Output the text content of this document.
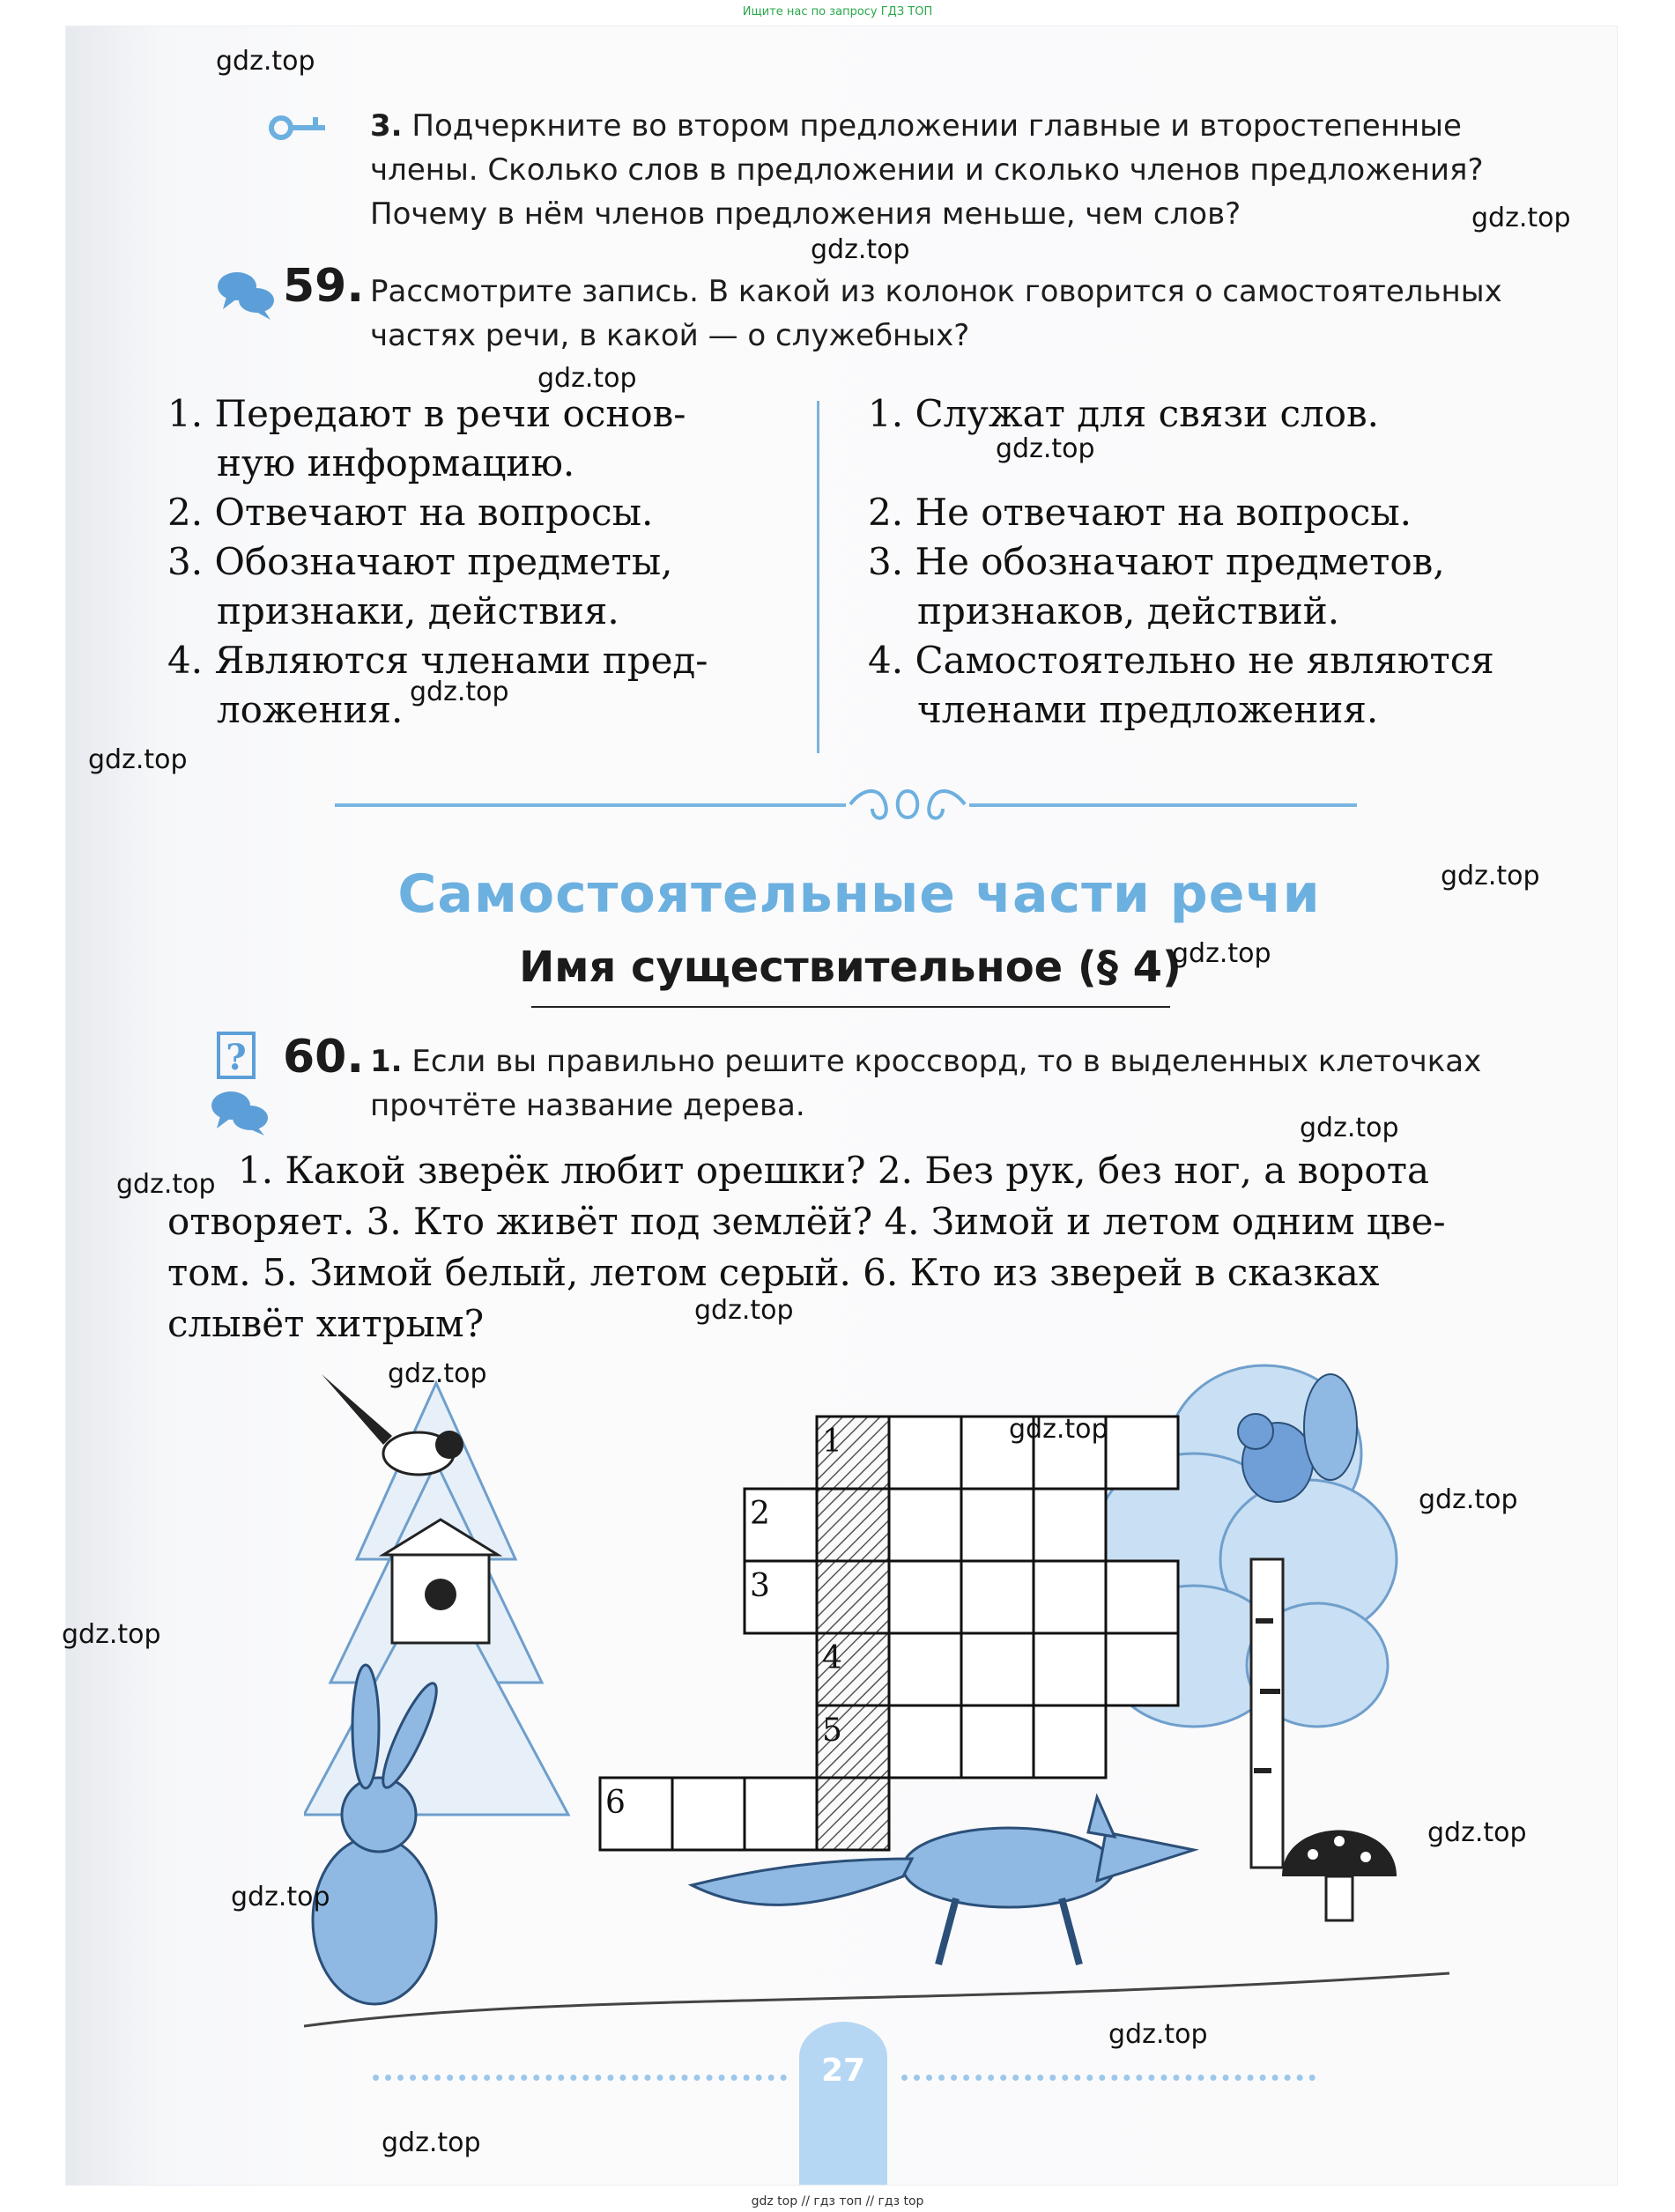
Ищите нас по запросу ГДЗ ТОП
3. Подчеркните во втором предложении главные и второстепенные
члены. Сколько слов в предложении и сколько членов предложения?
Почему в нём членов предложения меньше, чем слов?
59. Рассмотрите запись. В какой из колонок говорится о самостоятельных
частях речи, в какой — о служебных?
1. Передают в речи основ-
ную информацию.
2. Отвечают на вопросы.
3. Обозначают предметы,
признаки, действия.
4. Являются членами пред-
ложения.
1. Служат для связи слов.
2. Не отвечают на вопросы.
3. Не обозначают предметов,
признаков, действий.
4. Самостоятельно не являются
членами предложения.
Самостоятельные части речи
Имя существительное (§ 4)
? 60. 1. Если вы правильно решите кроссворд, то в выделенных клеточках
прочтёте название дерева.
1. Какой зверёк любит орешки? 2. Без рук, без ног, а ворота
отворяет. 3. Кто живёт под землёй? 4. Зимой и летом одним цве-
том. 5. Зимой белый, летом серый. 6. Кто из зверей в сказках
слывёт хитрым?
1
2
3
4
5
6
gdz.top
gdz.top
gdz.top
gdz.top
gdz.top
gdz.top
gdz.top
gdz.top
gdz.top
gdz.top
gdz.top
gdz.top
gdz.top
gdz.top
gdz.top
gdz.top
gdz.top
gdz.top
gdz.top
gdz.top
27
gdz top // гдз топ // гдз top
